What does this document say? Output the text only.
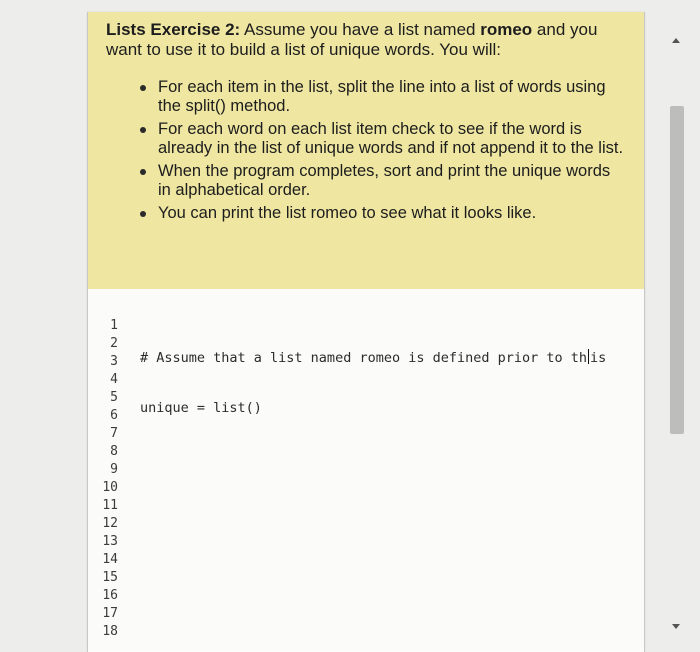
Lists Exercise 2: Assume you have a list named romeo and you want to use it to build a list of unique words. You will:
For each item in the list, split the line into a list of words using the split() method.
For each word on each list item check to see if the word is already in the list of unique words and if not append it to the list.
When the program completes, sort and print the unique words in alphabetical order.
You can print the list romeo to see what it looks like.
1
2
3
4
5
6
7
8
9
10
11
12
13
14
15
16
17
18

# Assume that a list named romeo is defined prior to th is

unique = list()
